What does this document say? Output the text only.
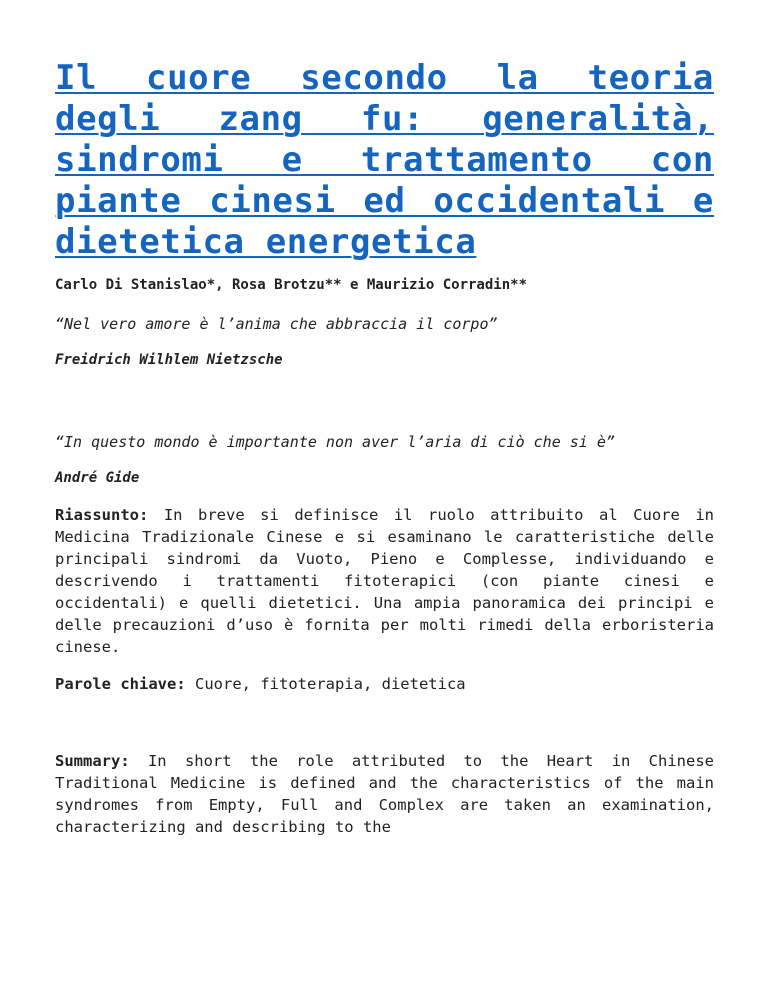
Il cuore secondo la teoria degli zang fu: generalità, sindromi e trattamento con piante cinesi ed occidentali e dietetica energetica

Carlo Di Stanislao*, Rosa Brotzu** e Maurizio Corradin**

“Nel vero amore è l’anima che abbraccia il corpo”

Freidrich Wilhlem Nietzsche

“In questo mondo è importante non aver l’aria di ciò che si è”

André Gide

Riassunto: In breve si definisce il ruolo attribuito al Cuore in Medicina Tradizionale Cinese e si esaminano le caratteristiche delle principali sindromi da Vuoto, Pieno e Complesse, individuando e descrivendo i trattamenti fitoterapici (con piante cinesi e occidentali) e quelli dietetici. Una ampia panoramica dei principi e delle precauzioni d’uso è fornita per molti rimedi della erboristeria cinese.

Parole chiave: Cuore, fitoterapia, dietetica

Summary: In short the role attributed to the Heart in Chinese Traditional Medicine is defined and the characteristics of the main syndromes from Empty, Full and Complex are taken an examination, characterizing and describing to the
